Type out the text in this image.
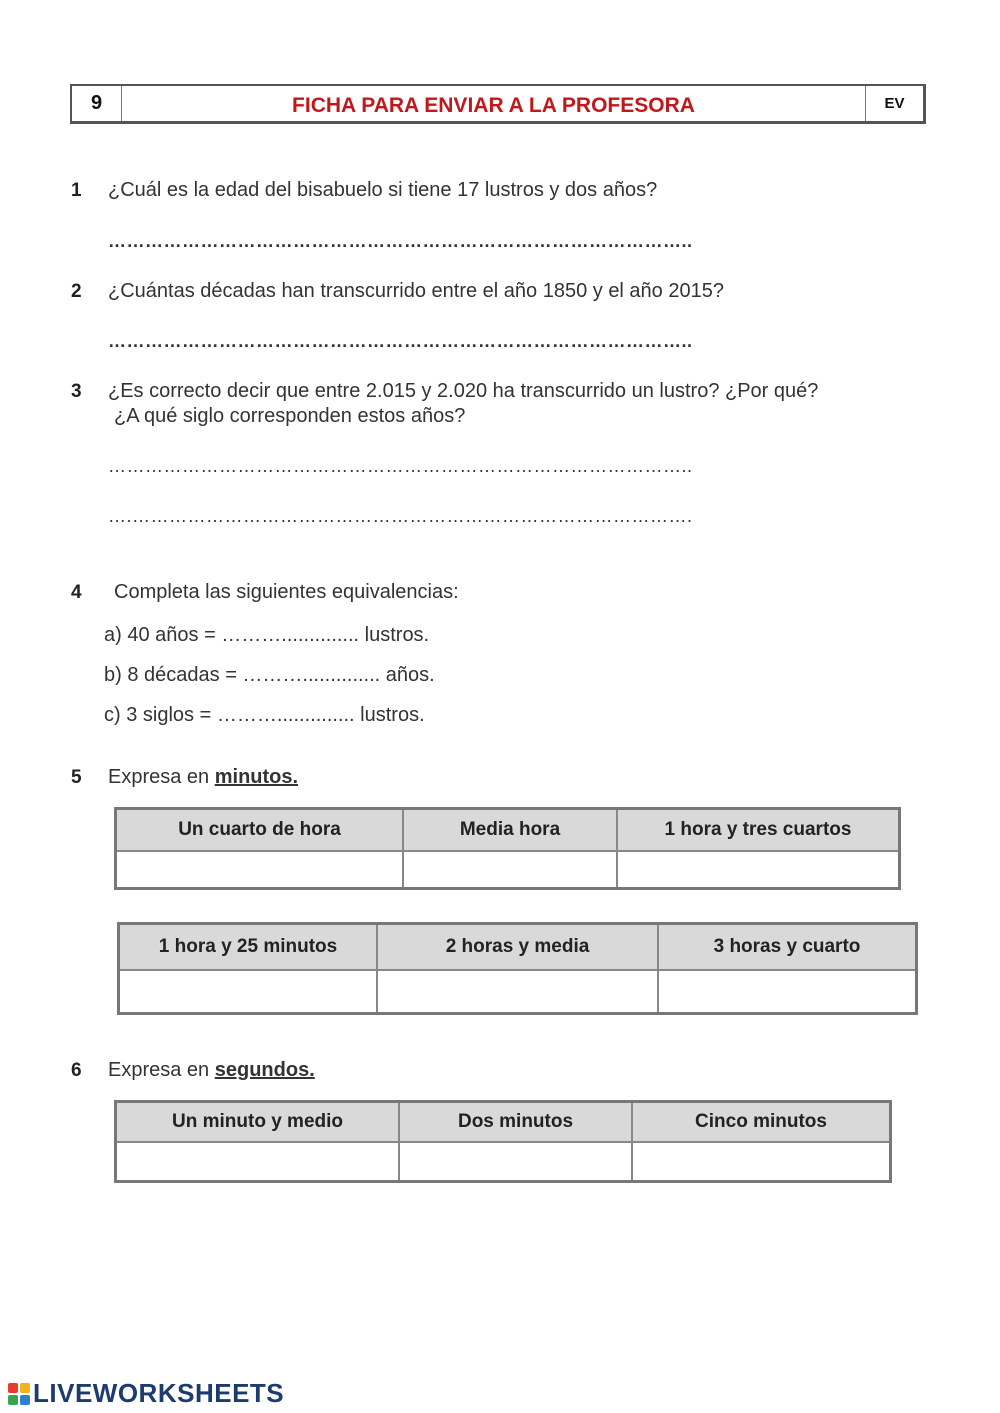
9	FICHA PARA ENVIAR A LA PROFESORA	EV
1 ¿Cuál es la edad del bisabuelo si tiene 17 lustros y dos años?
…………………………………………………………………………………..
2 ¿Cuántas décadas han transcurrido entre el año 1850 y el año 2015?
…………………………………………………………………………………..
3 ¿Es correcto decir que entre 2.015 y 2.020 ha transcurrido un lustro? ¿Por qué?
¿A qué siglo corresponden estos años?
…………………………………………………………………………………..
….……………………………………………………………………………….
4 Completa las siguientes equivalencias:
a) 40 años = ……….............. lustros.
b) 8 décadas = ……….............. años.
c) 3 siglos = ……….............. lustros.
5 Expresa en minutos.
Un cuarto de hora	Media hora	1 hora y tres cuartos

1 hora y 25 minutos	2 horas y media	3 horas y cuarto

6 Expresa en segundos.
Un minuto y medio	Dos minutos	Cinco minutos

LIVEWORKSHEETS
